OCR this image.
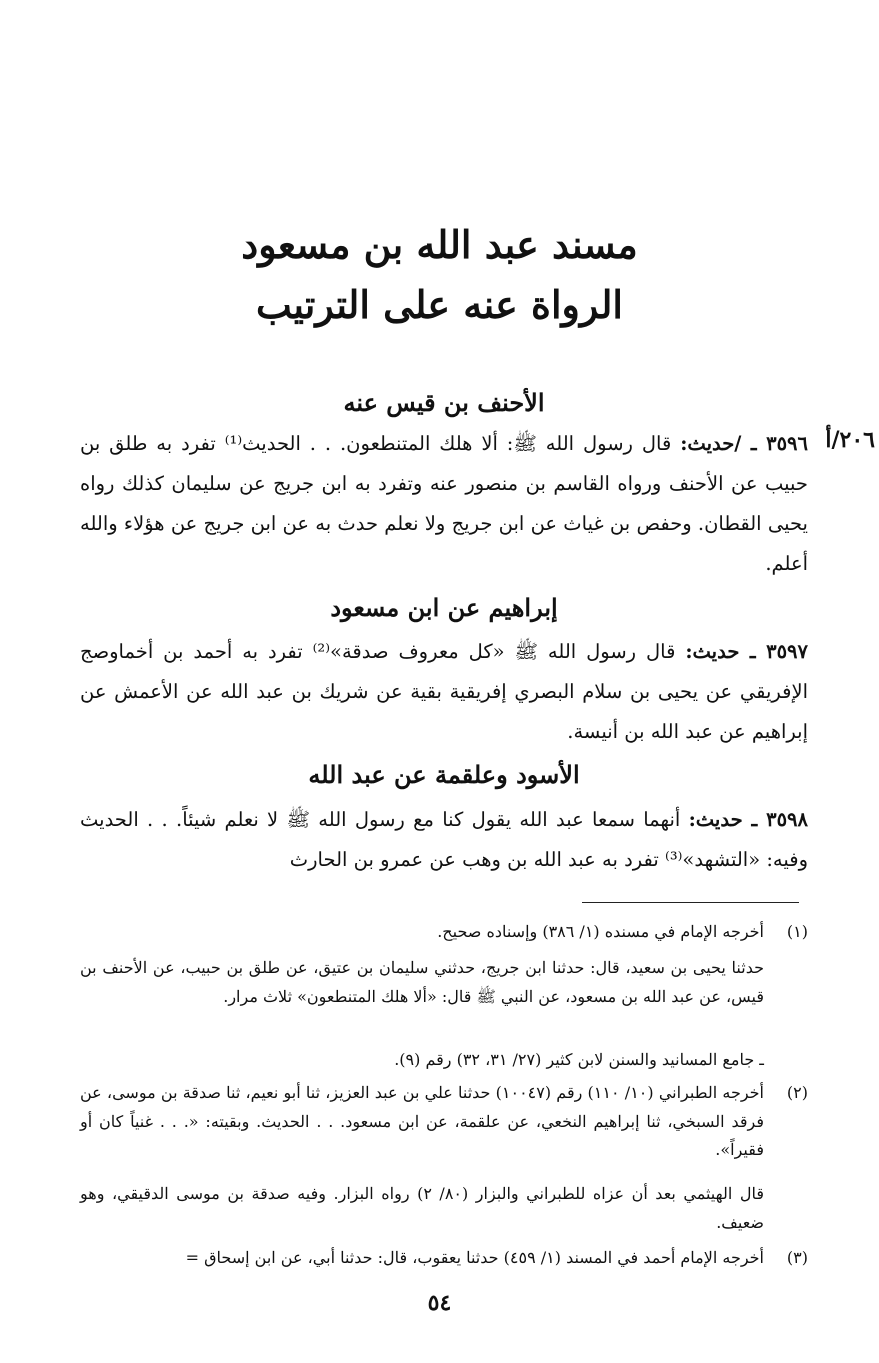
مسند عبد الله بن مسعود
الرواة عنه على الترتيب
٢٠٦/أ
الأحنف بن قيس عنه
٣٥٩٦ ـ /حديث: قال رسول الله ﷺ: ألا هلك المتنطعون. . . الحديث⁽¹⁾ تفرد به طلق بن حبيب عن الأحنف ورواه القاسم بن منصور عنه وتفرد به ابن جريج عن سليمان كذلك رواه يحيى القطان. وحفص بن غياث عن ابن جريج ولا نعلم حدث به عن ابن جريج عن هؤلاء والله أعلم.
إبراهيم عن ابن مسعود
٣٥٩٧ ـ حديث: قال رسول الله ﷺ «كل معروف صدقة»⁽²⁾ تفرد به أحمد بن أخماوصج الإفريقي عن يحيى بن سلام البصري إفريقية بقية عن شريك بن عبد الله عن الأعمش عن إبراهيم عن عبد الله بن أنيسة.
الأسود وعلقمة عن عبد الله
٣٥٩٨ ـ حديث: أنهما سمعا عبد الله يقول كنا مع رسول الله ﷺ لا نعلم شيئاً. . . الحديث وفيه: «التشهد»⁽³⁾ تفرد به عبد الله بن وهب عن عمرو بن الحارث
(١)
أخرجه الإمام في مسنده (١/ ٣٨٦) وإسناده صحيح.
حدثنا يحيى بن سعيد، قال: حدثنا ابن جريج، حدثني سليمان بن عتيق، عن طلق بن حبيب، عن الأحنف بن قيس، عن عبد الله بن مسعود، عن النبي ﷺ قال: «ألا هلك المتنطعون» ثلاث مرار.
ـ جامع المسانيد والسنن لابن كثير (٢٧/ ٣١، ٣٢) رقم (٩).
(٢)
أخرجه الطبراني (١٠/ ١١٠) رقم (١٠٠٤٧) حدثنا علي بن عبد العزيز، ثنا أبو نعيم، ثنا صدقة بن موسى، عن فرقد السبخي، ثنا إبراهيم النخعي، عن علقمة، عن ابن مسعود. . . الحديث. وبقيته: «. . . غنياً كان أو فقيراً».
قال الهيثمي بعد أن عزاه للطبراني والبزار (٨٠/ ٢) رواه البزار. وفيه صدقة بن موسى الدقيقي، وهو ضعيف.
(٣)
أخرجه الإمام أحمد في المسند (١/ ٤٥٩) حدثنا يعقوب، قال: حدثنا أبي، عن ابن إسحاق =
٥٤
